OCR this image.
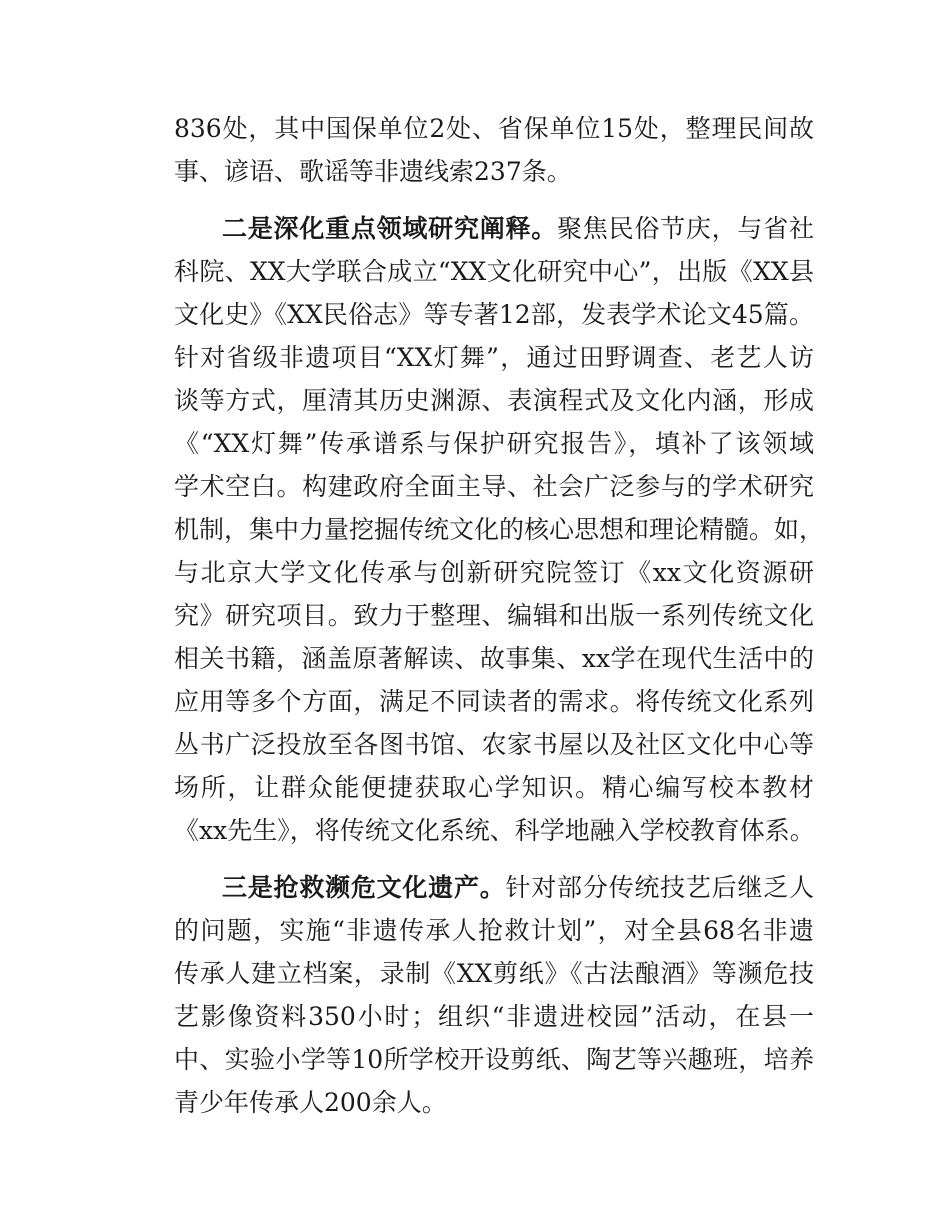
836处，其中国保单位2处、省保单位15处，整理民间故
事、谚语、歌谣等非遗线索237条。
二是深化重点领域研究阐释。聚焦民俗节庆，与省社
科院、XX大学联合成立“XX文化研究中心”，出版《XX县
文化史》《XX民俗志》等专著12部，发表学术论文45篇。
针对省级非遗项目“XX灯舞”，通过田野调查、老艺人访
谈等方式，厘清其历史渊源、表演程式及文化内涵，形成
《“XX灯舞”传承谱系与保护研究报告》，填补了该领域
学术空白。构建政府全面主导、社会广泛参与的学术研究
机制，集中力量挖掘传统文化的核心思想和理论精髓。如，
与北京大学文化传承与创新研究院签订《xx文化资源研
究》研究项目。致力于整理、编辑和出版一系列传统文化
相关书籍，涵盖原著解读、故事集、xx学在现代生活中的
应用等多个方面，满足不同读者的需求。将传统文化系列
丛书广泛投放至各图书馆、农家书屋以及社区文化中心等
场所，让群众能便捷获取心学知识。精心编写校本教材
《xx先生》，将传统文化系统、科学地融入学校教育体系。
三是抢救濒危文化遗产。针对部分传统技艺后继乏人
的问题，实施“非遗传承人抢救计划”，对全县68名非遗
传承人建立档案，录制《XX剪纸》《古法酿酒》等濒危技
艺影像资料350小时；组织“非遗进校园”活动，在县一
中、实验小学等10所学校开设剪纸、陶艺等兴趣班，培养
青少年传承人200余人。
